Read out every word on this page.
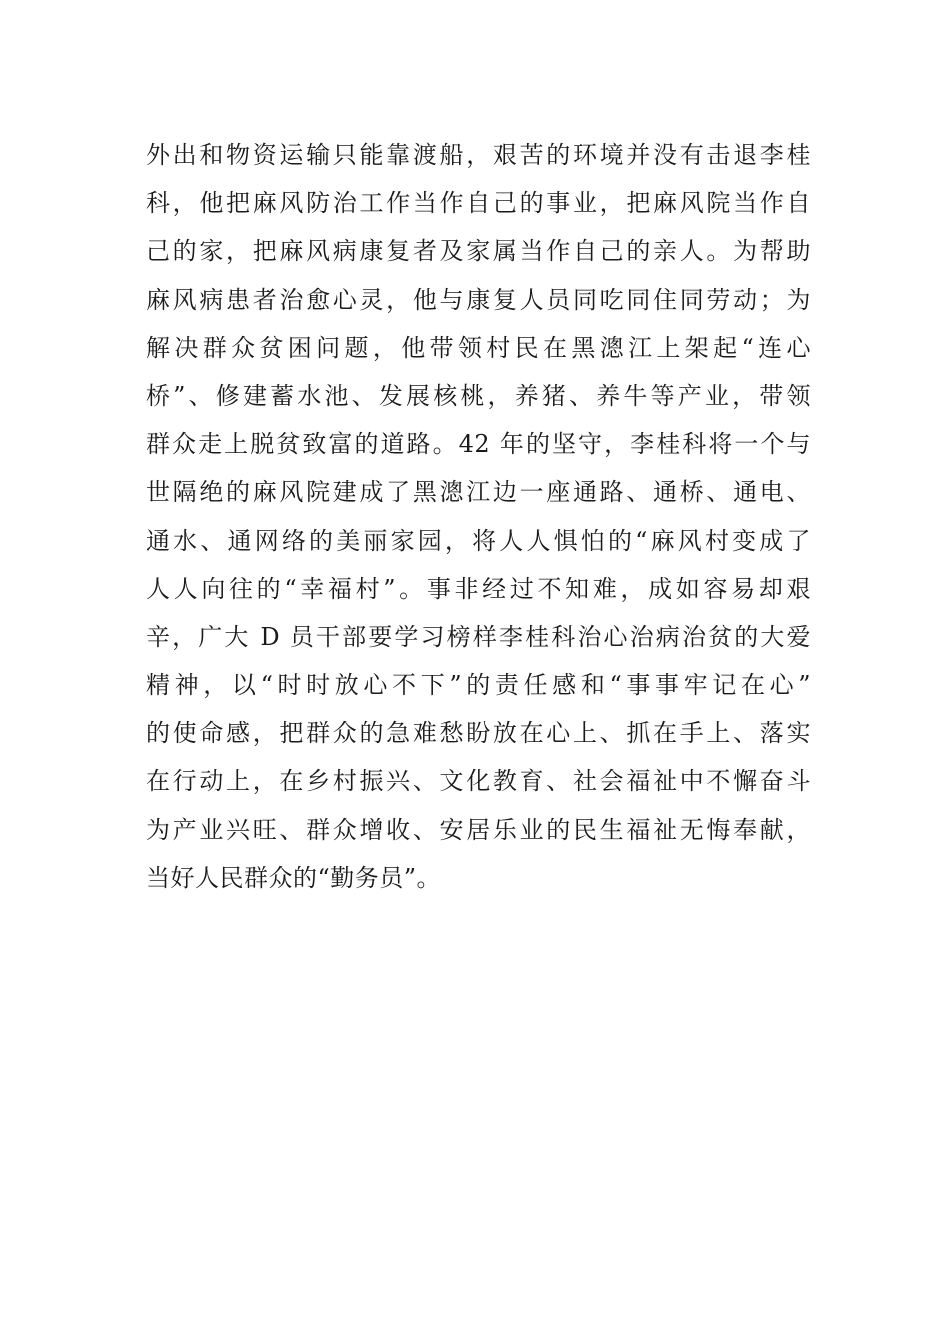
外出和物资运输只能靠渡船，艰苦的环境并没有击退李桂
科，他把麻风防治工作当作自己的事业，把麻风院当作自
己的家，把麻风病康复者及家属当作自己的亲人。为帮助
麻风病患者治愈心灵，他与康复人员同吃同住同劳动；为
解决群众贫困问题，他带领村民在黑漗江上架起“连心
桥”、修建蓄水池、发展核桃，养猪、养牛等产业，带领
群众走上脱贫致富的道路。42 年的坚守，李桂科将一个与
世隔绝的麻风院建成了黑漗江边一座通路、通桥、通电、
通水、通网络的美丽家园，将人人惧怕的“麻风村变成了
人人向往的“幸福村”。事非经过不知难，成如容易却艰
辛，广大 D 员干部要学习榜样李桂科治心治病治贫的大爱
精神，以“时时放心不下”的责任感和“事事牢记在心”
的使命感，把群众的急难愁盼放在心上、抓在手上、落实
在行动上，在乡村振兴、文化教育、社会福祉中不懈奋斗
为产业兴旺、群众增收、安居乐业的民生福祉无悔奉献，
当好人民群众的“勤务员”。
